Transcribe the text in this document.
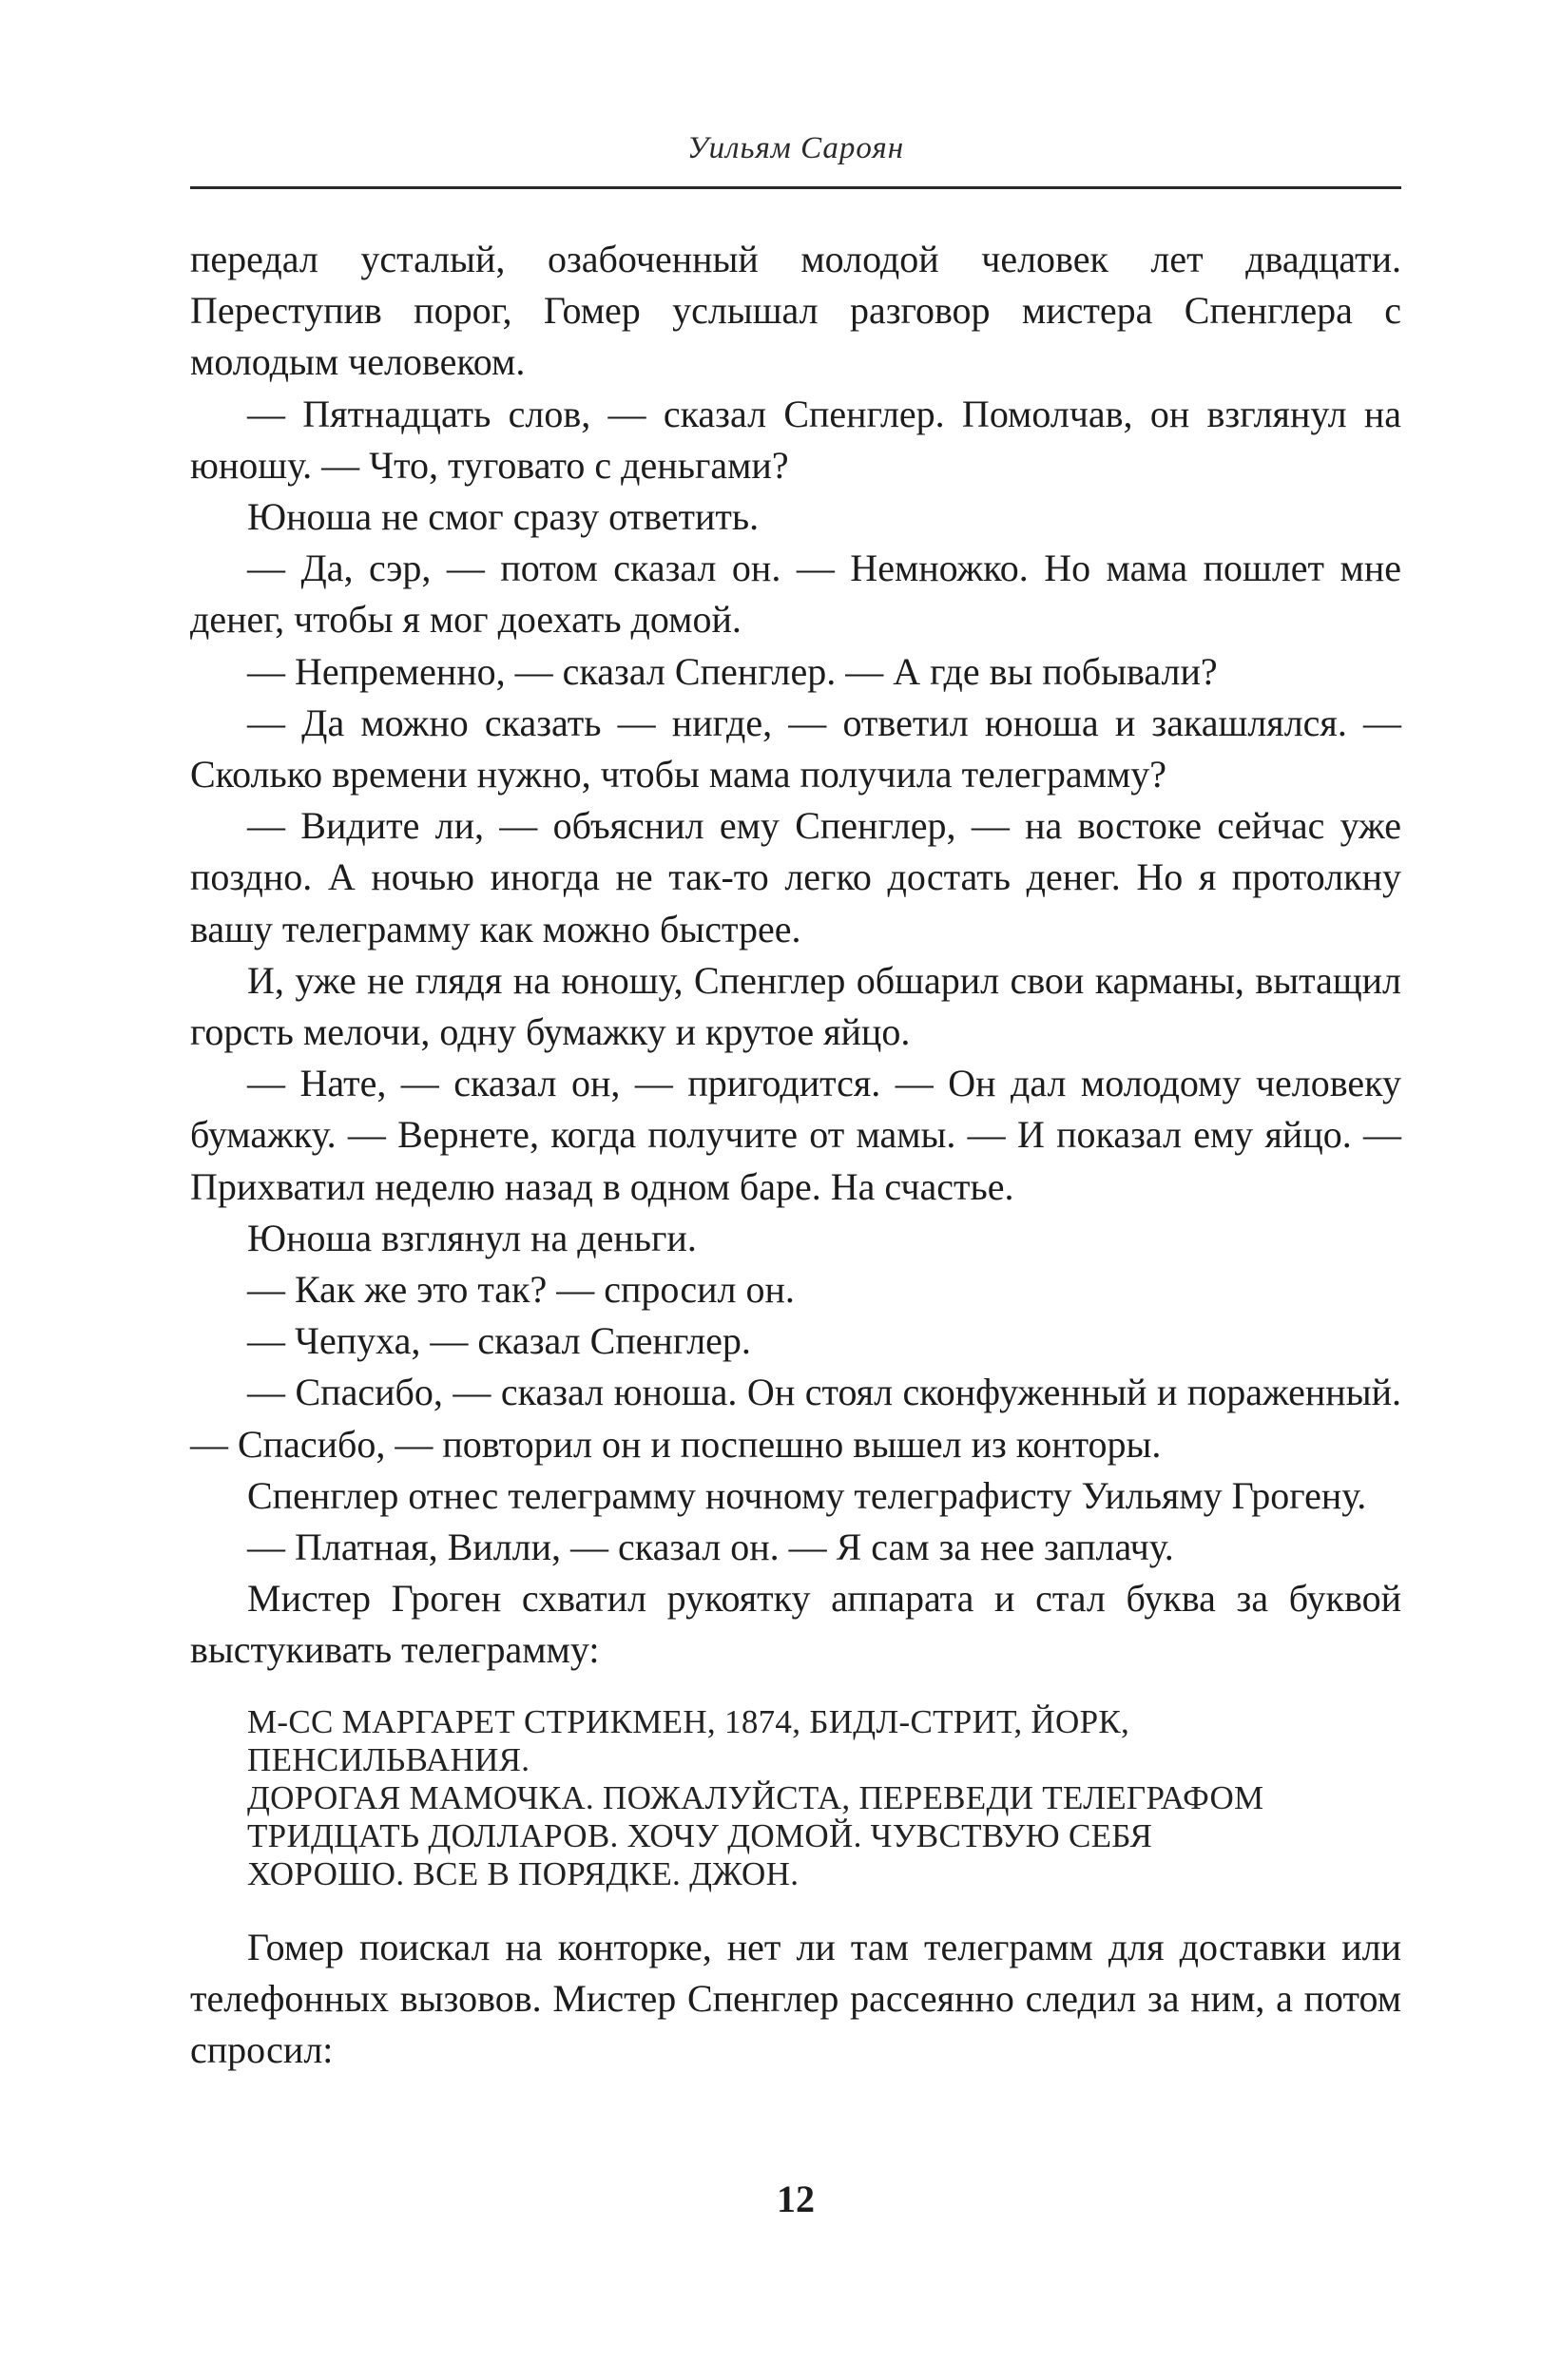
Уильям Сароян

передал усталый, озабоченный молодой человек лет двадцати. Переступив порог, Гомер услышал разговор мистера Спенглера с молодым человеком.

— Пятнадцать слов, — сказал Спенглер. Помолчав, он взглянул на юношу. — Что, туговато с деньгами?

Юноша не смог сразу ответить.

— Да, сэр, — потом сказал он. — Немножко. Но мама пошлет мне денег, чтобы я мог доехать домой.

— Непременно, — сказал Спенглер. — А где вы побывали?

— Да можно сказать — нигде, — ответил юноша и закашлялся. — Сколько времени нужно, чтобы мама получила телеграмму?

— Видите ли, — объяснил ему Спенглер, — на востоке сейчас уже поздно. А ночью иногда не так-то легко достать денег. Но я протолкну вашу телеграмму как можно быстрее.

И, уже не глядя на юношу, Спенглер обшарил свои карманы, вытащил горсть мелочи, одну бумажку и крутое яйцо.

— Нате, — сказал он, — пригодится. — Он дал молодому человеку бумажку. — Вернете, когда получите от мамы. — И показал ему яйцо. — Прихватил неделю назад в одном баре. На счастье.

Юноша взглянул на деньги.

— Как же это так? — спросил он.

— Чепуха, — сказал Спенглер.

— Спасибо, — сказал юноша. Он стоял сконфуженный и пораженный. — Спасибо, — повторил он и поспешно вышел из конторы.

Спенглер отнес телеграмму ночному телеграфисту Уильяму Грогену.

— Платная, Вилли, — сказал он. — Я сам за нее заплачу.

Мистер Гроген схватил рукоятку аппарата и стал буква за буквой выстукивать телеграмму:

М-СС МАРГАРЕТ СТРИКМЕН, 1874, БИДЛ-СТРИТ, ЙОРК,
ПЕНСИЛЬВАНИЯ.
ДОРОГАЯ МАМОЧКА. ПОЖАЛУЙСТА, ПЕРЕВЕДИ ТЕЛЕГРАФОМ
ТРИДЦАТЬ ДОЛЛАРОВ. ХОЧУ ДОМОЙ. ЧУВСТВУЮ СЕБЯ
ХОРОШО. ВСЕ В ПОРЯДКЕ. ДЖОН.

Гомер поискал на конторке, нет ли там телеграмм для доставки или телефонных вызовов. Мистер Спенглер рассеянно следил за ним, а потом спросил:

12
